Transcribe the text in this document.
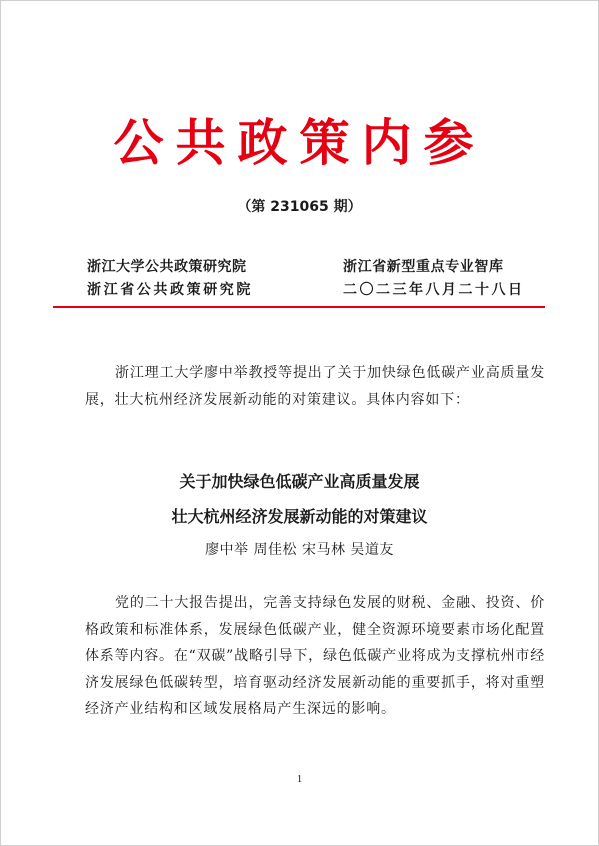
公共政策内参
（第 231065 期）
浙江大学公共政策研究院
浙江省公共政策研究院
浙江省新型重点专业智库
二〇二三年八月二十八日

浙江理工大学廖中举教授等提出了关于加快绿色低碳产业高质量发展，壮大杭州经济发展新动能的对策建议。具体内容如下：

关于加快绿色低碳产业高质量发展
壮大杭州经济发展新动能的对策建议
廖中举 周佳松 宋马林 吴道友

党的二十大报告提出，完善支持绿色发展的财税、金融、投资、价格政策和标准体系，发展绿色低碳产业，健全资源环境要素市场化配置体系等内容。在“双碳”战略引导下，绿色低碳产业将成为支撑杭州市经济发展绿色低碳转型，培育驱动经济发展新动能的重要抓手，将对重塑经济产业结构和区域发展格局产生深远的影响。

1
